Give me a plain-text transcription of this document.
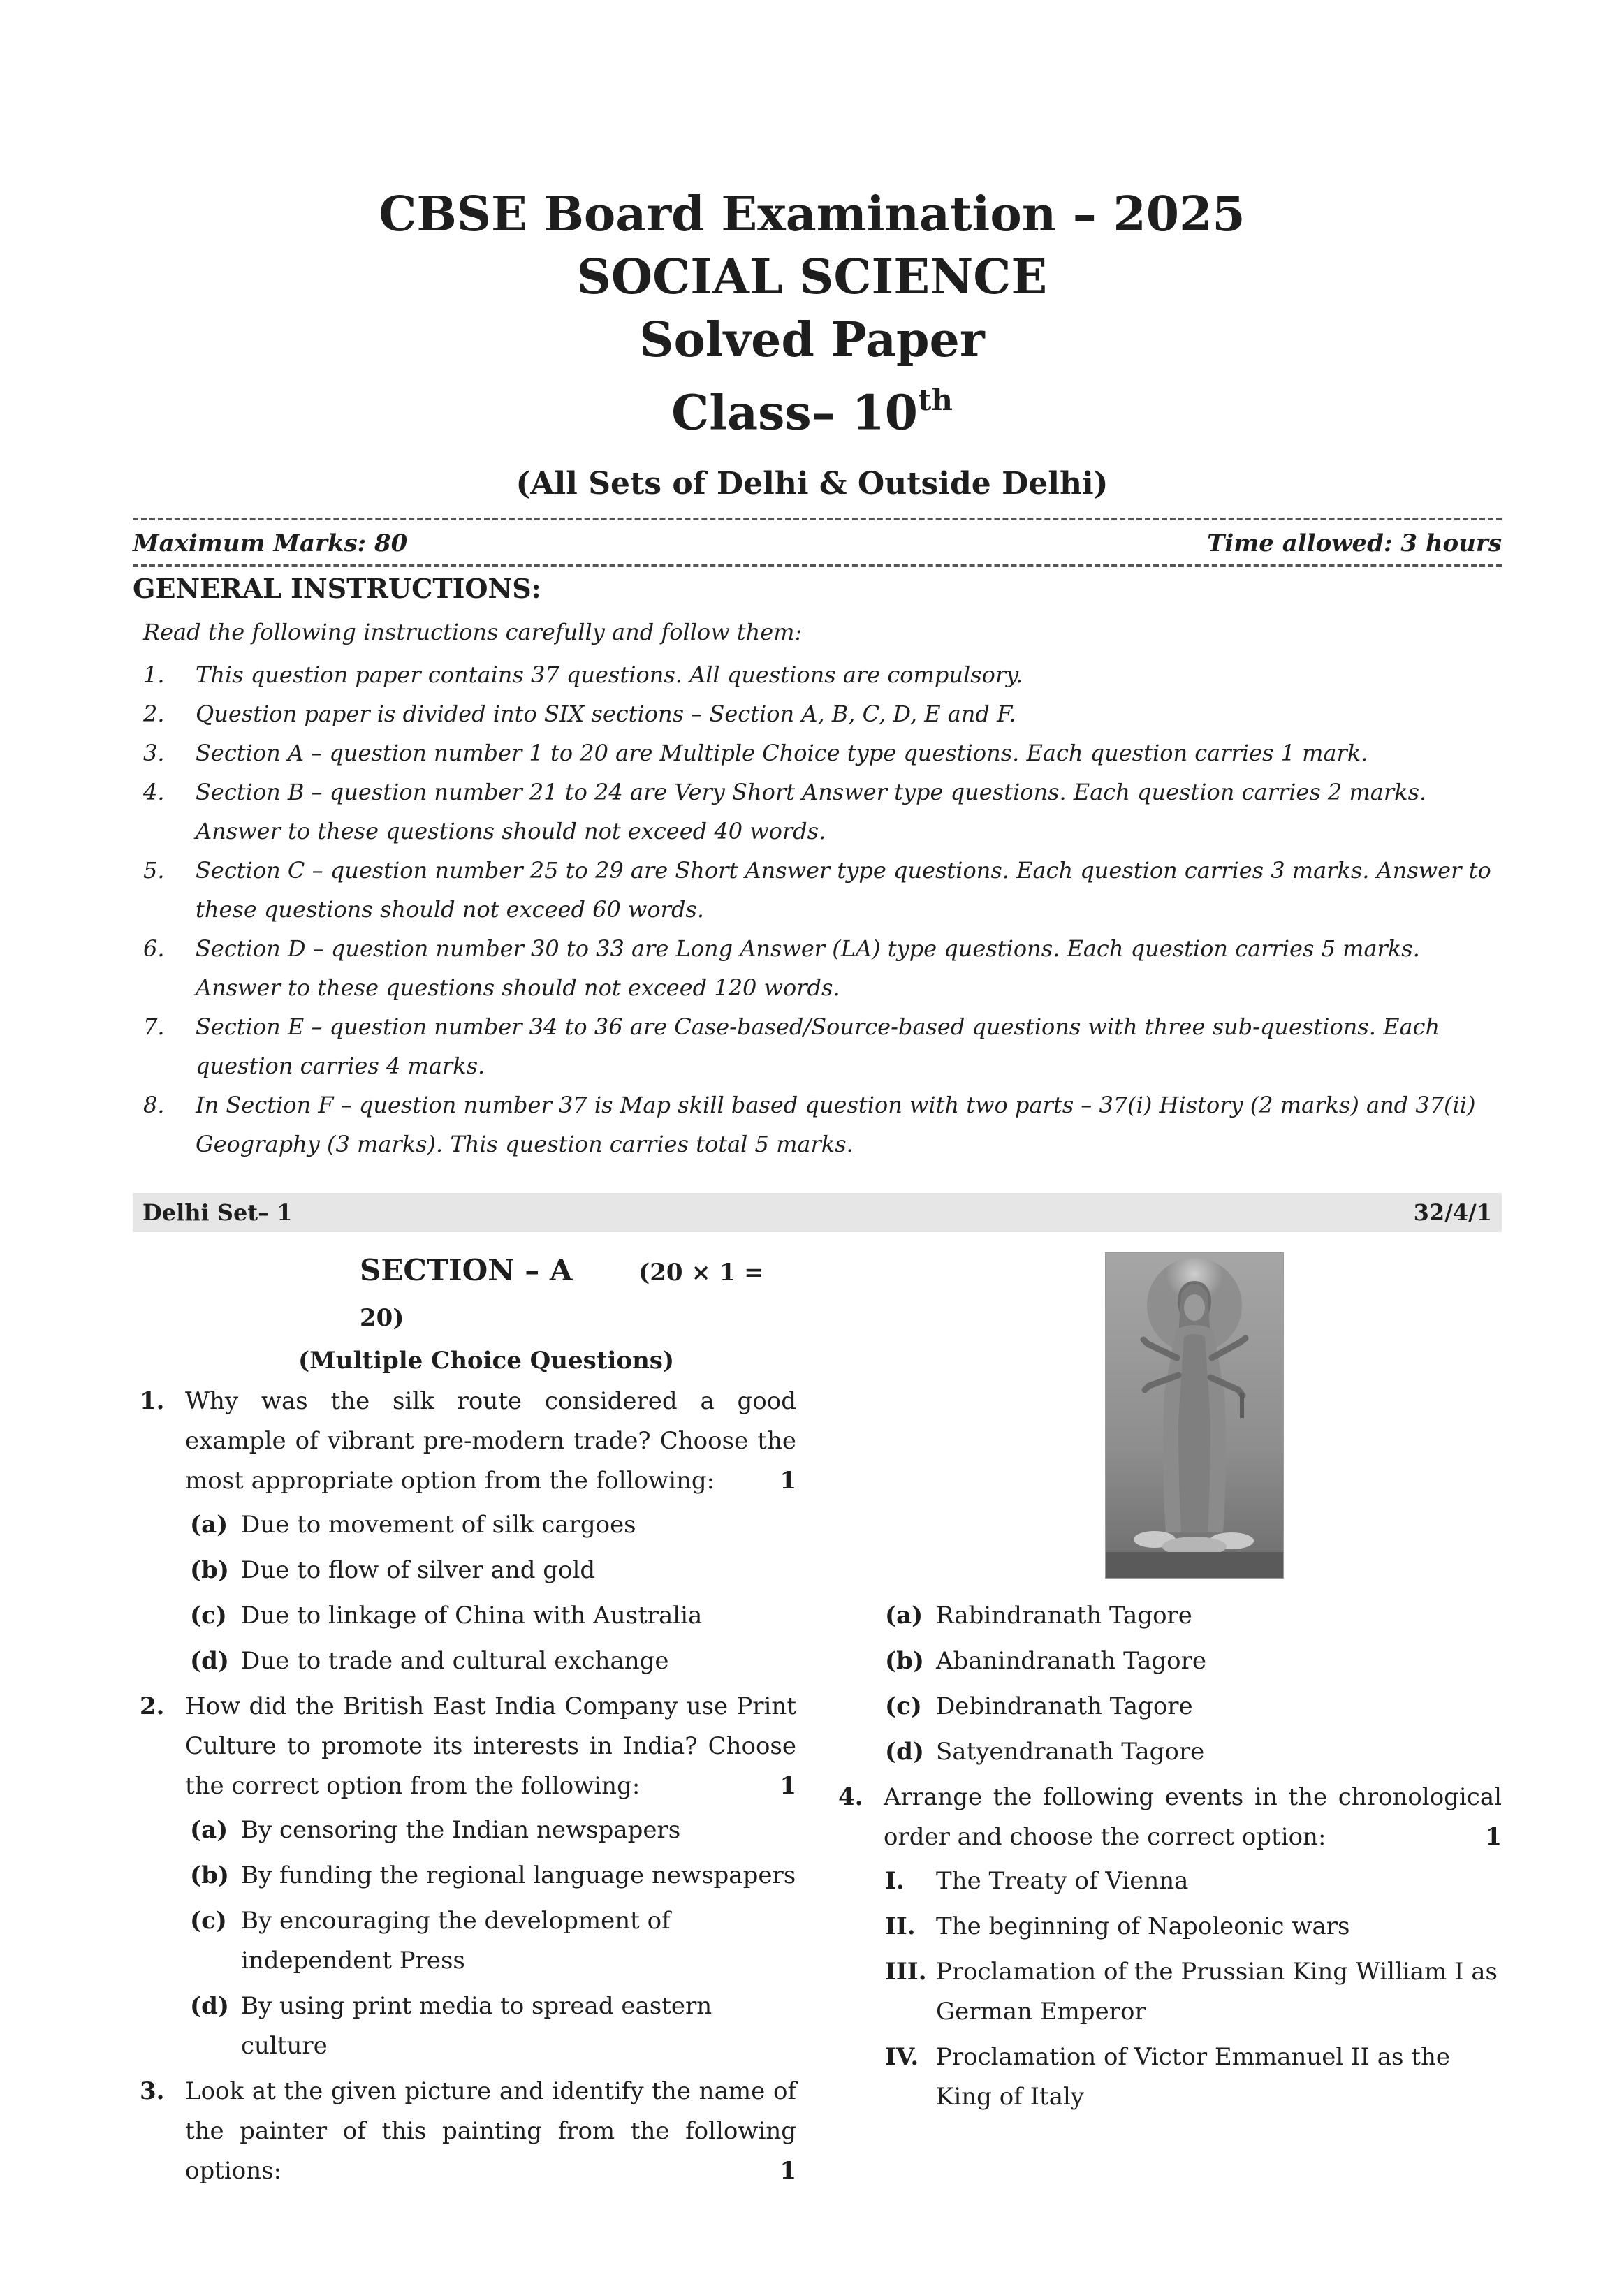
CBSE Board Examination – 2025
SOCIAL SCIENCE
Solved Paper
Class– 10th
(All Sets of Delhi & Outside Delhi)
Maximum Marks: 80	Time allowed: 3 hours
GENERAL INSTRUCTIONS:
Read the following instructions carefully and follow them:
1. This question paper contains 37 questions. All questions are compulsory.
2. Question paper is divided into SIX sections – Section A, B, C, D, E and F.
3. Section A – question number 1 to 20 are Multiple Choice type questions. Each question carries 1 mark.
4. Section B – question number 21 to 24 are Very Short Answer type questions. Each question carries 2 marks. Answer to these questions should not exceed 40 words.
5. Section C – question number 25 to 29 are Short Answer type questions. Each question carries 3 marks. Answer to these questions should not exceed 60 words.
6. Section D – question number 30 to 33 are Long Answer (LA) type questions. Each question carries 5 marks. Answer to these questions should not exceed 120 words.
7. Section E – question number 34 to 36 are Case-based/Source-based questions with three sub-questions. Each question carries 4 marks.
8. In Section F – question number 37 is Map skill based question with two parts – 37(i) History (2 marks) and 37(ii) Geography (3 marks). This question carries total 5 marks.
Delhi Set– 1	32/4/1
SECTION – A	(20 × 1 = 20)
(Multiple Choice Questions)
1. Why was the silk route considered a good example of vibrant pre-modern trade? Choose the most appropriate option from the following:	1
(a) Due to movement of silk cargoes
(b) Due to flow of silver and gold
(c) Due to linkage of China with Australia
(d) Due to trade and cultural exchange
2. How did the British East India Company use Print Culture to promote its interests in India? Choose the correct option from the following:	1
(a) By censoring the Indian newspapers
(b) By funding the regional language newspapers
(c) By encouraging the development of independent Press
(d) By using print media to spread eastern culture
3. Look at the given picture and identify the name of the painter of this painting from the following options:	1
(a) Rabindranath Tagore
(b) Abanindranath Tagore
(c) Debindranath Tagore
(d) Satyendranath Tagore
4. Arrange the following events in the chronological order and choose the correct option:	1
I. The Treaty of Vienna
II. The beginning of Napoleonic wars
III. Proclamation of the Prussian King William I as German Emperor
IV. Proclamation of Victor Emmanuel II as the King of Italy
